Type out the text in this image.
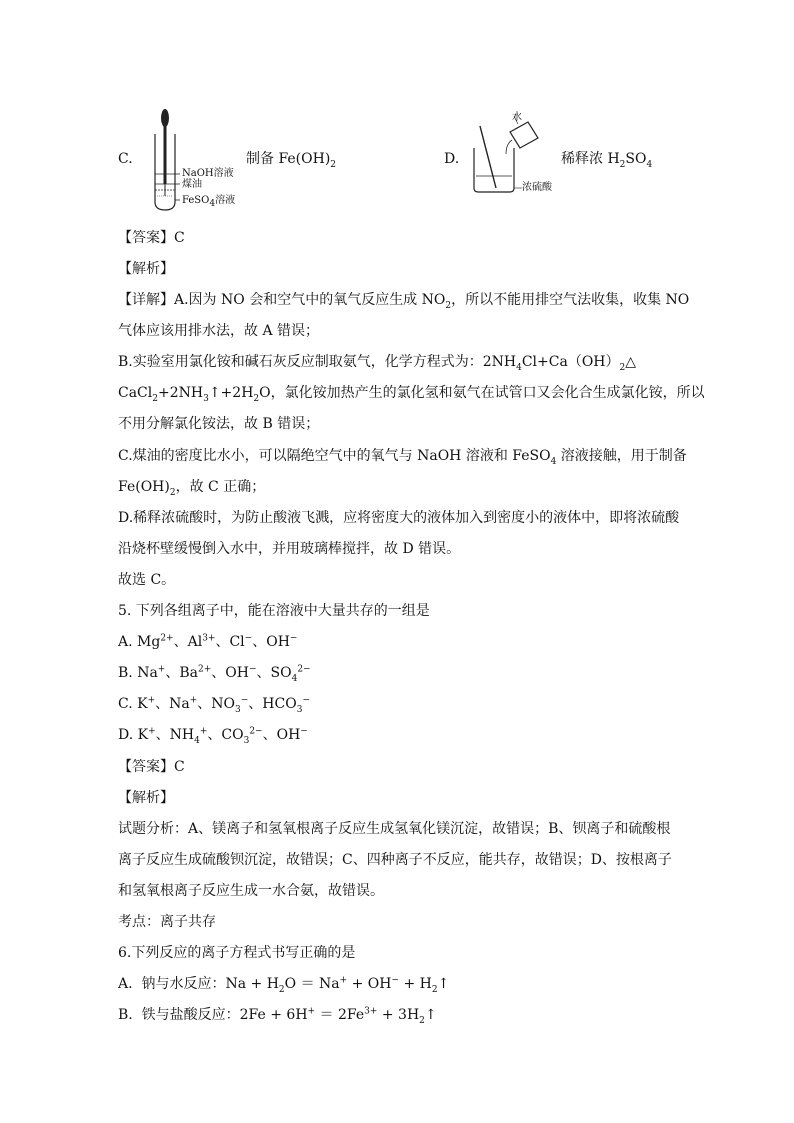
C.
NaOH溶液
煤油
FeSO$_4$溶液
制备 $Fe(OH)_2$	D.
水
浓硫酸
稀释浓 $H_2SO_4$
【答案】C
【解析】
【详解】A.因为 NO 会和空气中的氧气反应生成 $NO_2$，所以不能用排空气法收集，收集 NO
气体应该用排水法，故 A 错误；
B.实验室用氯化铵和碱石灰反应制取氨气，化学方程式为：$2NH_4Cl+Ca(OH)_2\triangle$
$CaCl_2+2NH_3↑+2H_2O$，氯化铵加热产生的氯化氢和氨气在试管口又会化合生成氯化铵，所以
不用分解氯化铵法，故 B 错误；
C.煤油的密度比水小，可以隔绝空气中的氧气与 NaOH 溶液和 FeSO$_4$ 溶液接触，用于制备
$Fe(OH)_2$，故 C 正确；
D.稀释浓硫酸时，为防止酸液飞溅，应将密度大的液体加入到密度小的液体中，即将浓硫酸
沿烧杯壁缓慢倒入水中，并用玻璃棒搅拌，故 D 错误。
故选 C。
5. 下列各组离子中，能在溶液中大量共存的一组是
A. $Mg^{2+}$、$Al^{3+}$、Cl−、OH−
B. Na+、$Ba^{2+}$、OH−、$SO_4^{2-}$
C. K+、Na+、$NO_3^-$、$HCO_3^-$
D. K+、$NH_4^+$、$CO_3^{2-}$、OH−
【答案】C
【解析】
试题分析：A、镁离子和氢氧根离子反应生成氢氧化镁沉淀，故错误；B、钡离子和硫酸根
离子反应生成硫酸钡沉淀，故错误；C、四种离子不反应，能共存，故错误；D、按根离子
和氢氧根离子反应生成一水合氨，故错误。
考点：离子共存
6.下列反应的离子方程式书写正确的是
A.  钠与水反应：$Na + H_2O = Na^+ + OH^-$ + $H_2↑$
B.  铁与盐酸反应：$2Fe + 6H^+ = 2Fe^{3+}$ + $3H_2↑$
